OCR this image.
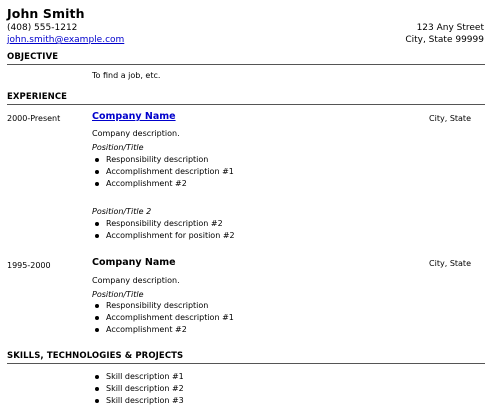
John Smith
(408) 555-1212
john.smith@example.com
123 Any Street
City, State 99999
OBJECTIVE
To find a job, etc.
EXPERIENCE
2000-Present	Company Name	City, State
Company description.
Position/Title
Responsibility description
Accomplishment description #1
Accomplishment #2
Position/Title 2
Responsibility description #2
Accomplishment for position #2
1995-2000	Company Name	City, State
Company description.
Position/Title
Responsibility description
Accomplishment description #1
Accomplishment #2
SKILLS, TECHNOLOGIES & PROJECTS
Skill description #1
Skill description #2
Skill description #3
